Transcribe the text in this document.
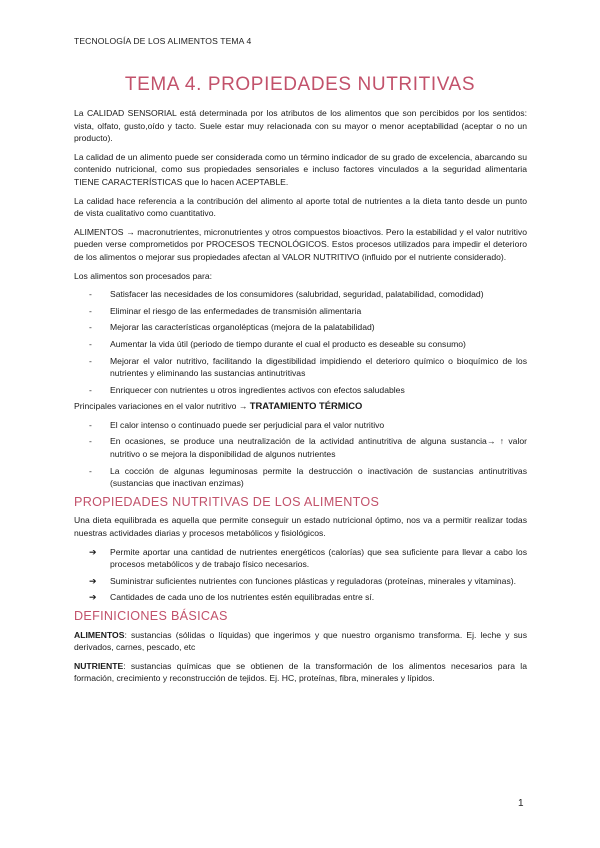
TECNOLOGÍA DE LOS ALIMENTOS TEMA 4
TEMA 4. PROPIEDADES NUTRITIVAS

La CALIDAD SENSORIAL está determinada por los atributos de los alimentos que son percibidos por los sentidos: vista, olfato, gusto,oído y tacto. Suele estar muy relacionada con su mayor o menor aceptabilidad (aceptar o no un producto).

La calidad de un alimento puede ser considerada como un término indicador de su grado de excelencia, abarcando su contenido nutricional, como sus propiedades sensoriales e incluso factores vinculados a la seguridad alimentaria TIENE CARACTERÍSTICAS que lo hacen ACEPTABLE.

La calidad hace referencia a la contribución del alimento al aporte total de nutrientes a la dieta tanto desde un punto de vista cualitativo como cuantitativo.

ALIMENTOS → macronutrientes, micronutrientes y otros compuestos bioactivos. Pero la estabilidad y el valor nutritivo pueden verse comprometidos por PROCESOS TECNOLÓGICOS. Estos procesos utilizados para impedir el deterioro de los alimentos o mejorar sus propiedades afectan al VALOR NUTRITIVO (influido por el nutriente considerado).

Los alimentos son procesados para:

- Satisfacer las necesidades de los consumidores (salubridad, seguridad, palatabilidad, comodidad)
- Eliminar el riesgo de las enfermedades de transmisión alimentaria
- Mejorar las características organolépticas (mejora de la palatabilidad)
- Aumentar la vida útil (periodo de tiempo durante el cual el producto es deseable su consumo)
- Mejorar el valor nutritivo, facilitando la digestibilidad impidiendo el deterioro químico o bioquímico de los nutrientes y eliminando las sustancias antinutritivas
- Enriquecer con nutrientes u otros ingredientes activos con efectos saludables

Principales variaciones en el valor nutritivo → TRATAMIENTO TÉRMICO

- El calor intenso o continuado puede ser perjudicial para el valor nutritivo
- En ocasiones, se produce una neutralización de la actividad antinutritiva de alguna sustancia→ ↑ valor nutritivo o se mejora la disponibilidad de algunos nutrientes
- La cocción de algunas leguminosas permite la destrucción o inactivación de sustancias antinutritivas (sustancias que inactivan enzimas)
PROPIEDADES NUTRITIVAS DE LOS ALIMENTOS

Una dieta equilibrada es aquella que permite conseguir un estado nutricional óptimo, nos va a permitir realizar todas nuestras actividades diarias y procesos metabólicos y fisiológicos.

➔ Permite aportar una cantidad de nutrientes energéticos (calorías) que sea suficiente para llevar a cabo los procesos metabólicos y de trabajo físico necesarios.
➔ Suministrar suficientes nutrientes con funciones plásticas y reguladoras (proteínas, minerales y vitaminas).
➔ Cantidades de cada uno de los nutrientes estén equilibradas entre sí.
DEFINICIONES BÁSICAS

ALIMENTOS: sustancias (sólidas o líquidas) que ingerimos y que nuestro organismo transforma. Ej. leche y sus derivados, carnes, pescado, etc

NUTRIENTE: sustancias químicas que se obtienen de la transformación de los alimentos necesarios para la formación, crecimiento y reconstrucción de tejidos. Ej. HC, proteínas, fibra, minerales y lípidos.

1
